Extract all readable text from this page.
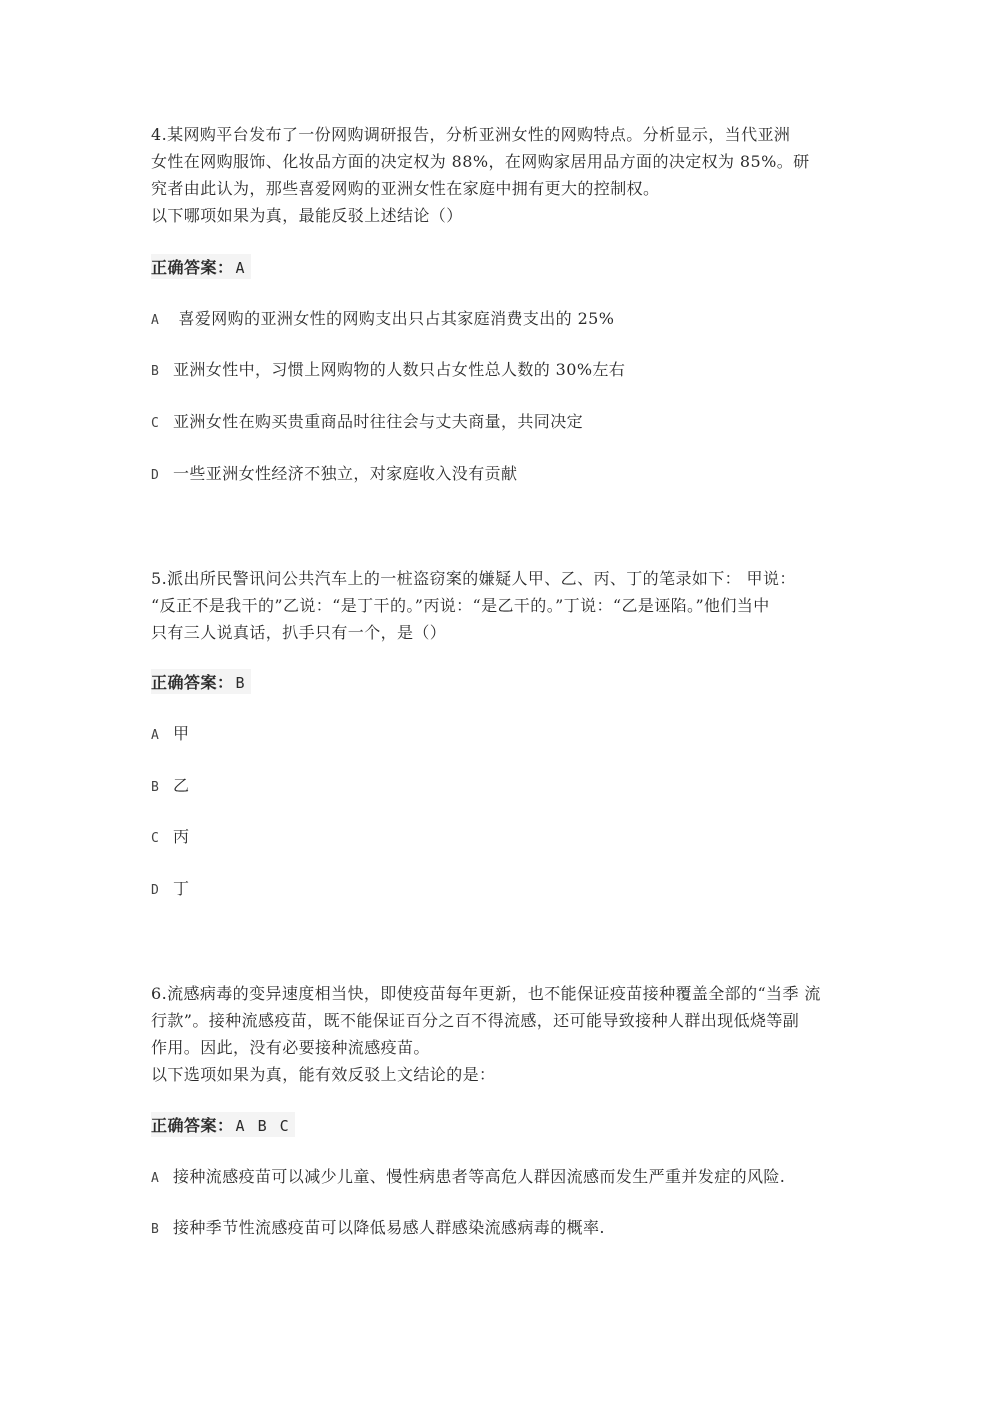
4.某网购平台发布了一份网购调研报告，分析亚洲女性的网购特点。分析显示，当代亚洲
女性在网购服饰、化妆品方面的决定权为 88%，在网购家居用品方面的决定权为 85%。研
究者由此认为，那些喜爱网购的亚洲女性在家庭中拥有更大的控制权。
以下哪项如果为真，最能反驳上述结论（）
正确答案： A
A 喜爱网购的亚洲女性的网购支出只占其家庭消费支出的 25%
B 亚洲女性中，习惯上网购物的人数只占女性总人数的 30%左右
C 亚洲女性在购买贵重商品时往往会与丈夫商量，共同决定
D 一些亚洲女性经济不独立，对家庭收入没有贡献
5.派出所民警讯问公共汽车上的一桩盗窃案的嫌疑人甲、乙、丙、丁的笔录如下： 甲说：
“反正不是我干的”乙说：“是丁干的。”丙说：“是乙干的。”丁说：“乙是诬陷。”他们当中
只有三人说真话，扒手只有一个，是（）
正确答案： B
A 甲
B 乙
C 丙
D 丁
6.流感病毒的变异速度相当快，即使疫苗每年更新，也不能保证疫苗接种覆盖全部的“当季 流
行款”。接种流感疫苗，既不能保证百分之百不得流感，还可能导致接种人群出现低烧等副
作用。因此，没有必要接种流感疫苗。
以下选项如果为真，能有效反驳上文结论的是：
正确答案： A B C
A 接种流感疫苗可以减少儿童、慢性病患者等高危人群因流感而发生严重并发症的风险.
B 接种季节性流感疫苗可以降低易感人群感染流感病毒的概率.
